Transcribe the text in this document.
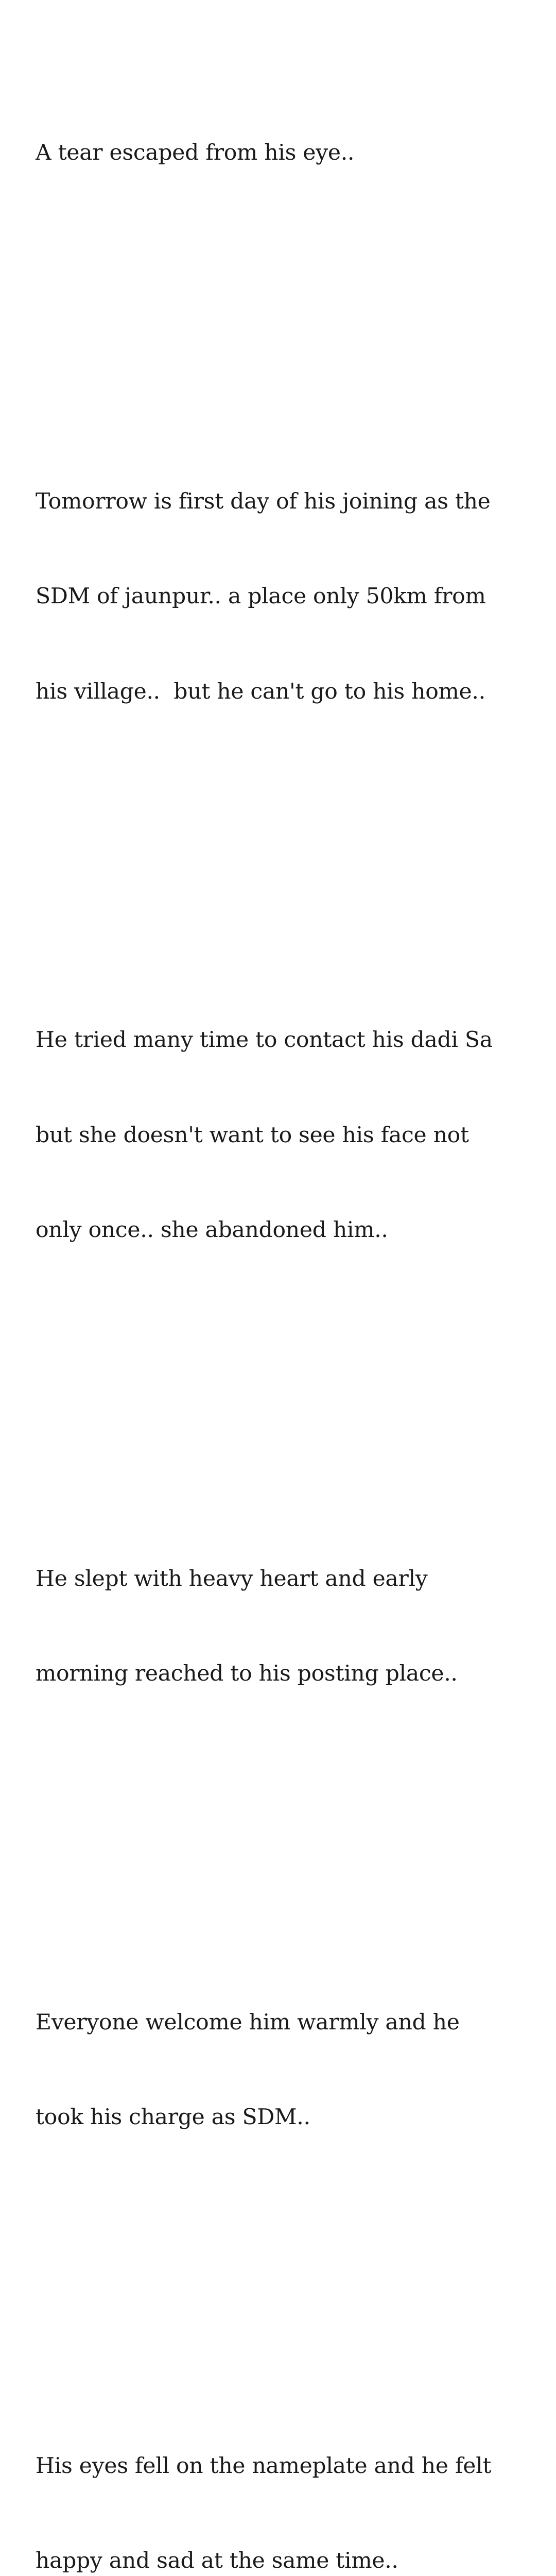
A tear escaped from his eye..

Tomorrow is first day of his joining as the

SDM of jaunpur.. a place only 50km from

his village..  but he can't go to his home..

He tried many time to contact his dadi Sa

but she doesn't want to see his face not

only once.. she abandoned him..

He slept with heavy heart and early

morning reached to his posting place..

Everyone welcome him warmly and he

took his charge as SDM..

His eyes fell on the nameplate and he felt

happy and sad at the same time..
